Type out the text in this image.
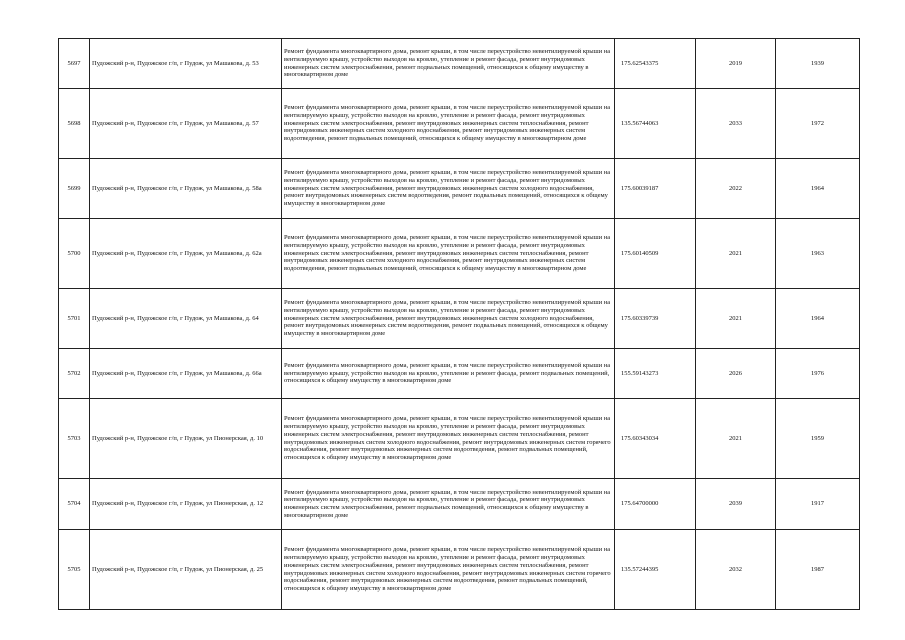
5697	Пудожский р-н, Пудожское г/п, г Пудож, ул Машакова, д. 53	Ремонт фундамента многоквартирного дома, ремонт крыши, в том числе переустройство невентилируемой крыши на вентилируемую крышу, устройство выходов на кровлю, утепление и ремонт фасада, ремонт внутридомовых инженерных систем электроснабжения, ремонт подвальных помещений, относящихся к общему имуществу в многоквартирном доме	175.62543375	2019	1939
5698	Пудожский р-н, Пудожское г/п, г Пудож, ул Машакова, д. 57	Ремонт фундамента многоквартирного дома, ремонт крыши, в том числе переустройство невентилируемой крыши на вентилируемую крышу, устройство выходов на кровлю, утепление и ремонт фасада, ремонт внутридомовых инженерных систем электроснабжения, ремонт внутридомовых инженерных систем теплоснабжения, ремонт внутридомовых инженерных систем холодного водоснабжения, ремонт внутридомовых инженерных систем водоотведения, ремонт подвальных помещений, относящихся к общему имуществу в многоквартирном доме	135.56744063	2033	1972
5699	Пудожский р-н, Пудожское г/п, г Пудож, ул Машакова, д. 58а	Ремонт фундамента многоквартирного дома, ремонт крыши, в том числе переустройство невентилируемой крыши на вентилируемую крышу, устройство выходов на кровлю, утепление и ремонт фасада, ремонт внутридомовых инженерных систем электроснабжения, ремонт внутридомовых инженерных систем холодного водоснабжения, ремонт внутридомовых инженерных систем водоотведения, ремонт подвальных помещений, относящихся к общему имуществу в многоквартирном доме	175.60039187	2022	1964
5700	Пудожский р-н, Пудожское г/п, г Пудож, ул Машакова, д. 62а	Ремонт фундамента многоквартирного дома, ремонт крыши, в том числе переустройство невентилируемой крыши на вентилируемую крышу, устройство выходов на кровлю, утепление и ремонт фасада, ремонт внутридомовых инженерных систем электроснабжения, ремонт внутридомовых инженерных систем теплоснабжения, ремонт внутридомовых инженерных систем холодного водоснабжения, ремонт внутридомовых инженерных систем водоотведения, ремонт подвальных помещений, относящихся к общему имуществу в многоквартирном доме	175.60140509	2021	1963
5701	Пудожский р-н, Пудожское г/п, г Пудож, ул Машакова, д. 64	Ремонт фундамента многоквартирного дома, ремонт крыши, в том числе переустройство невентилируемой крыши на вентилируемую крышу, устройство выходов на кровлю, утепление и ремонт фасада, ремонт внутридомовых инженерных систем электроснабжения, ремонт внутридомовых инженерных систем холодного водоснабжения, ремонт внутридомовых инженерных систем водоотведения, ремонт подвальных помещений, относящихся к общему имуществу в многоквартирном доме	175.60339739	2021	1964
5702	Пудожский р-н, Пудожское г/п, г Пудож, ул Машакова, д. 66а	Ремонт фундамента многоквартирного дома, ремонт крыши, в том числе переустройство невентилируемой крыши на вентилируемую крышу, устройство выходов на кровлю, утепление и ремонт фасада, ремонт подвальных помещений, относящихся к общему имуществу в многоквартирном доме	155.59143273	2026	1976
5703	Пудожский р-н, Пудожское г/п, г Пудож, ул Пионерская, д. 10	Ремонт фундамента многоквартирного дома, ремонт крыши, в том числе переустройство невентилируемой крыши на вентилируемую крышу, устройство выходов на кровлю, утепление и ремонт фасада, ремонт внутридомовых инженерных систем электроснабжения, ремонт внутридомовых инженерных систем теплоснабжения, ремонт внутридомовых инженерных систем холодного водоснабжения, ремонт внутридомовых инженерных систем горячего водоснабжения, ремонт внутридомовых инженерных систем водоотведения, ремонт подвальных помещений, относящихся к общему имуществу в многоквартирном доме	175.60343034	2021	1959
5704	Пудожский р-н, Пудожское г/п, г Пудож, ул Пионерская, д. 12	Ремонт фундамента многоквартирного дома, ремонт крыши, в том числе переустройство невентилируемой крыши на вентилируемую крышу, устройство выходов на кровлю, утепление и ремонт фасада, ремонт внутридомовых инженерных систем электроснабжения, ремонт подвальных помещений, относящихся к общему имуществу в многоквартирном доме	175.64700000	2039	1917
5705	Пудожский р-н, Пудожское г/п, г Пудож, ул Пионерская, д. 25	Ремонт фундамента многоквартирного дома, ремонт крыши, в том числе переустройство невентилируемой крыши на вентилируемую крышу, устройство выходов на кровлю, утепление и ремонт фасада, ремонт внутридомовых инженерных систем электроснабжения, ремонт внутридомовых инженерных систем теплоснабжения, ремонт внутридомовых инженерных систем холодного водоснабжения, ремонт внутридомовых инженерных систем горячего водоснабжения, ремонт внутридомовых инженерных систем водоотведения, ремонт подвальных помещений, относящихся к общему имуществу в многоквартирном доме	135.57244395	2032	1987
